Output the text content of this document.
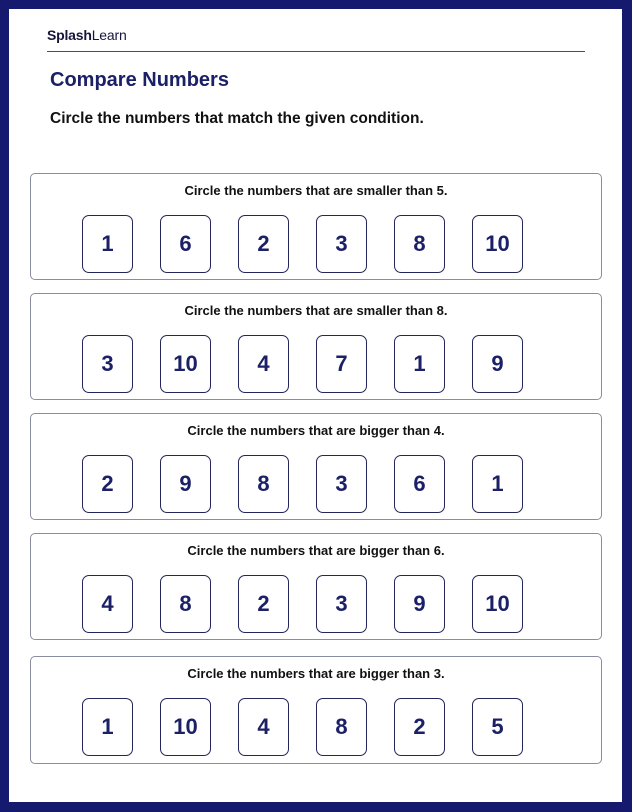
SplashLearn
Compare Numbers
Circle the numbers that match the given condition.
Circle the numbers that are smaller than 5.
1	6	2	3	8	10
Circle the numbers that are smaller than 8.
3	10	4	7	1	9
Circle the numbers that are bigger than 4.
2	9	8	3	6	1
Circle the numbers that are bigger than 6.
4	8	2	3	9	10
Circle the numbers that are bigger than 3.
1	10	4	8	2	5
